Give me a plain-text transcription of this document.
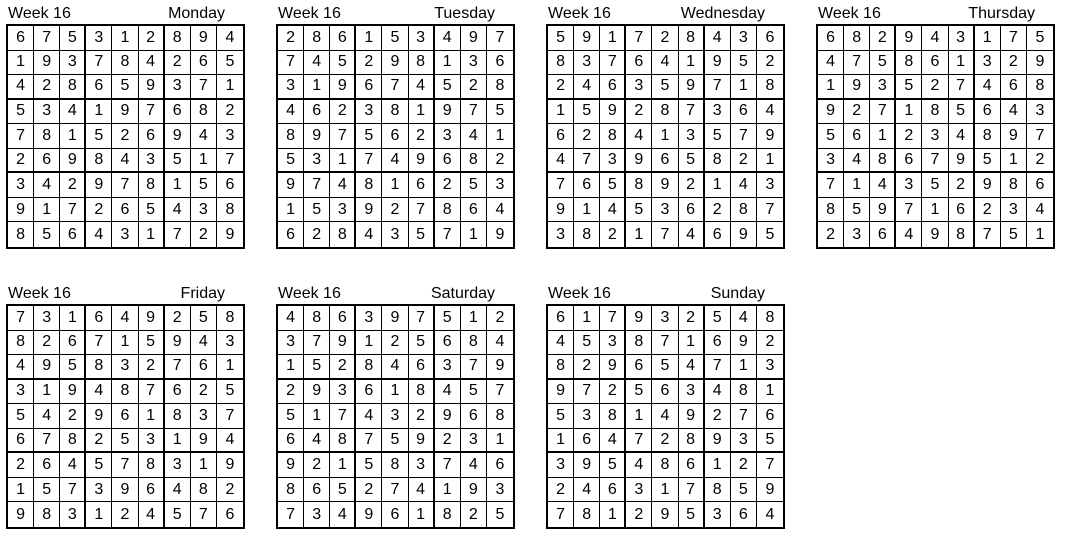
Week 16	Monday
6	7	5	3	1	2	8	9	4
1	9	3	7	8	4	2	6	5
4	2	8	6	5	9	3	7	1
5	3	4	1	9	7	6	8	2
7	8	1	5	2	6	9	4	3
2	6	9	8	4	3	5	1	7
3	4	2	9	7	8	1	5	6
9	1	7	2	6	5	4	3	8
8	5	6	4	3	1	7	2	9
Week 16	Tuesday
2	8	6	1	5	3	4	9	7
7	4	5	2	9	8	1	3	6
3	1	9	6	7	4	5	2	8
4	6	2	3	8	1	9	7	5
8	9	7	5	6	2	3	4	1
5	3	1	7	4	9	6	8	2
9	7	4	8	1	6	2	5	3
1	5	3	9	2	7	8	6	4
6	2	8	4	3	5	7	1	9
Week 16	Wednesday
5	9	1	7	2	8	4	3	6
8	3	7	6	4	1	9	5	2
2	4	6	3	5	9	7	1	8
1	5	9	2	8	7	3	6	4
6	2	8	4	1	3	5	7	9
4	7	3	9	6	5	8	2	1
7	6	5	8	9	2	1	4	3
9	1	4	5	3	6	2	8	7
3	8	2	1	7	4	6	9	5
Week 16	Thursday
6	8	2	9	4	3	1	7	5
4	7	5	8	6	1	3	2	9
1	9	3	5	2	7	4	6	8
9	2	7	1	8	5	6	4	3
5	6	1	2	3	4	8	9	7
3	4	8	6	7	9	5	1	2
7	1	4	3	5	2	9	8	6
8	5	9	7	1	6	2	3	4
2	3	6	4	9	8	7	5	1
Week 16	Friday
7	3	1	6	4	9	2	5	8
8	2	6	7	1	5	9	4	3
4	9	5	8	3	2	7	6	1
3	1	9	4	8	7	6	2	5
5	4	2	9	6	1	8	3	7
6	7	8	2	5	3	1	9	4
2	6	4	5	7	8	3	1	9
1	5	7	3	9	6	4	8	2
9	8	3	1	2	4	5	7	6
Week 16	Saturday
4	8	6	3	9	7	5	1	2
3	7	9	1	2	5	6	8	4
1	5	2	8	4	6	3	7	9
2	9	3	6	1	8	4	5	7
5	1	7	4	3	2	9	6	8
6	4	8	7	5	9	2	3	1
9	2	1	5	8	3	7	4	6
8	6	5	2	7	4	1	9	3
7	3	4	9	6	1	8	2	5
Week 16	Sunday
6	1	7	9	3	2	5	4	8
4	5	3	8	7	1	6	9	2
8	2	9	6	5	4	7	1	3
9	7	2	5	6	3	4	8	1
5	3	8	1	4	9	2	7	6
1	6	4	7	2	8	9	3	5
3	9	5	4	8	6	1	2	7
2	4	6	3	1	7	8	5	9
7	8	1	2	9	5	3	6	4
